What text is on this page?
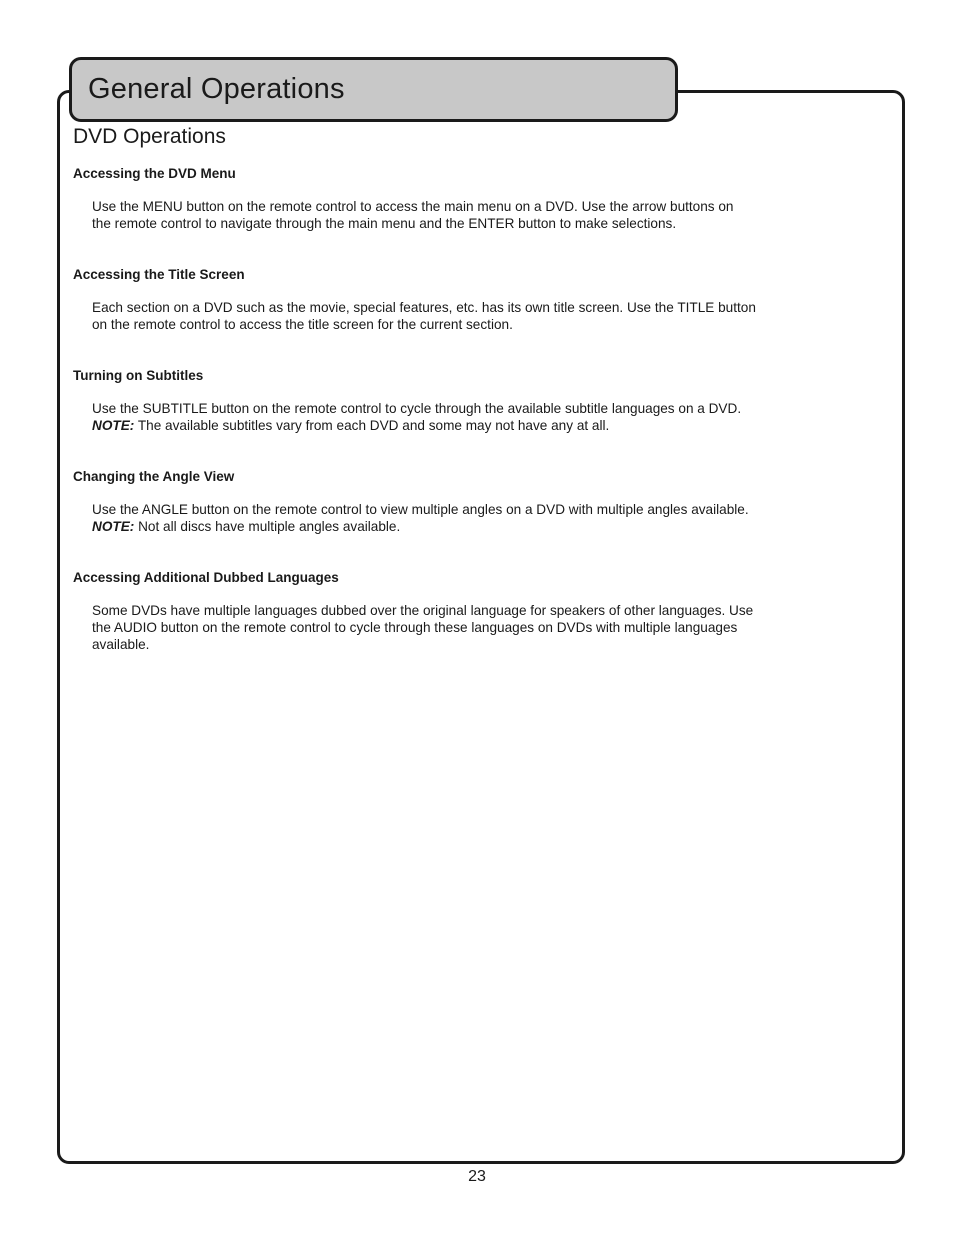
General Operations
DVD Operations
Accessing the DVD Menu

Use the MENU button on the remote control to access the main menu on a DVD. Use the arrow buttons on
the remote control to navigate through the main menu and the ENTER button to make selections.

Accessing the Title Screen

Each section on a DVD such as the movie, special features, etc. has its own title screen. Use the TITLE button
on the remote control to access the title screen for the current section.

Turning on Subtitles

Use the SUBTITLE button on the remote control to cycle through the available subtitle languages on a DVD.
NOTE: The available subtitles vary from each DVD and some may not have any at all.

Changing the Angle View

Use the ANGLE button on the remote control to view multiple angles on a DVD with multiple angles available.
NOTE: Not all discs have multiple angles available.

Accessing Additional Dubbed Languages

Some DVDs have multiple languages dubbed over the original language for speakers of other languages. Use
the AUDIO button on the remote control to cycle through these languages on DVDs with multiple languages
available.

23
